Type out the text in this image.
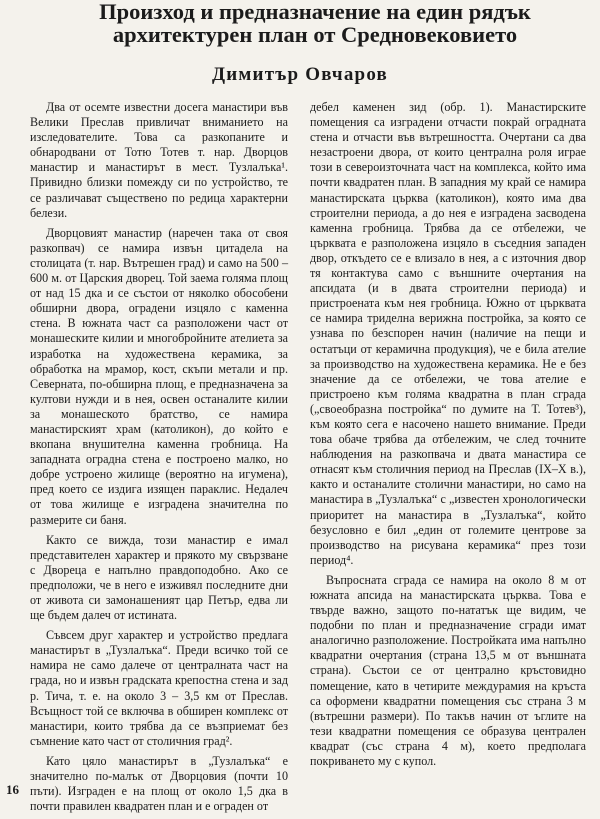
Произход и предназначение на един рядък архитектурен план от Средновековието
Димитър Овчаров

Два от осемте известни досега манастири във Велики Преслав привличат вниманието на изследователите. Това са разкопаните и обнародвани от Тотю Тотев т. нар. Дворцов манастир и манастирът в мест. Тузлалъка¹. Привидно близки помежду си по устройство, те се различават съществено по редица характерни белези.

Дворцовият манастир (наречен така от своя разкопвач) се намира извън цитадела на столицата (т. нар. Вътрешен град) и само на 500 – 600 м. от Царския дворец. Той заема голяма площ от над 15 дка и се състои от няколко обособени обширни двора, оградени изцяло с каменна стена. В южната част са разположени част от монашеските килии и многобройните ателиета за изработка на художествена керамика, за обработка на мрамор, кост, скъпи метали и пр. Северната, по-обширна площ, е предназначена за култови нужди и в нея, освен останалите килии за монашеското братство, се намира манастирският храм (католикон), до който е вкопана внушителна каменна гробница. На западната оградна стена е построено малко, но добре устроено жилище (вероятно на игумена), пред което се издига изящен параклис. Недалеч от това жилище е изградена значителна по размерите си баня.

Както се вижда, този манастир е имал представителен характер и прякото му свързване с Двореца е напълно правдоподобно. Ако се предположи, че в него е изживял последните дни от живота си замонашеният цар Петър, едва ли ще бъдем далеч от истината.

Съвсем друг характер и устройство предлага манастирът в „Тузлалъка“. Преди всичко той се намира не само далече от централната част на града, но и извън градската крепостна стена и зад р. Тича, т. е. на около 3 – 3,5 км от Преслав. Всъщност той се включва в обширен комплекс от манастири, които трябва да се възприемат без съмнение като част от столичния град².

Като цяло манастирът в „Тузлалъка“ е значително по-малък от Дворцовия (почти 10 пъти). Изграден е на площ от около 1,5 дка в почти правилен квадратен план и е ограден от

дебел каменен зид (обр. 1). Манастирските помещения са изградени отчасти покрай оградната стена и отчасти във вътрешността. Очертани са два незастроени двора, от които централна роля играе този в североизточната част на комплекса, който има почти квадратен план. В западния му край се намира манастирската църква (католикон), която има два строителни периода, а до нея е изградена засводена каменна гробница. Трябва да се отбележи, че църквата е разположена изцяло в съседния западен двор, откъдето се е влизало в нея, а с източния двор тя контактува само с външните очертания на апсидата (и в двата строителни периода) и пристроената към нея гробница. Южно от църквата се намира триделна верижна постройка, за която се узнава по безспорен начин (наличие на пещи и остатъци от керамична продукция), че е била ателие за производство на художествена керамика. Не е без значение да се отбележи, че това ателие е пристроено към голяма квадратна в план сграда („своеобразна постройка“ по думите на Т. Тотев³), към която сега е насочено нашето внимание. Преди това обаче трябва да отбележим, че след точните наблюдения на разкопвача и двата манастира се отнасят към столичния период на Преслав (IX–X в.), както и останалите столични манастири, но само на манастира в „Тузлалъка“ с „известен хронологически приоритет на манастира в „Тузлалъка“, който безусловно е бил „един от големите центрове за производство на рисувана керамика“ през този период⁴.

Въпросната сграда се намира на около 8 м от южната апсида на манастирската църква. Това е твърде важно, защото по-нататък ще видим, че подобни по план и предназначение сгради имат аналогично разположение. Постройката има напълно квадратни очертания (страна 13,5 м от външната страна). Състои се от централно кръстовидно помещение, като в четирите междурамия на кръста са оформени квадратни помещения със страна 3 м (вътрешни размери). По такъв начин от ъглите на тези квадратни помещения се образува централен квадрат (със страна 4 м), което предполага покриването му с купол.

16
